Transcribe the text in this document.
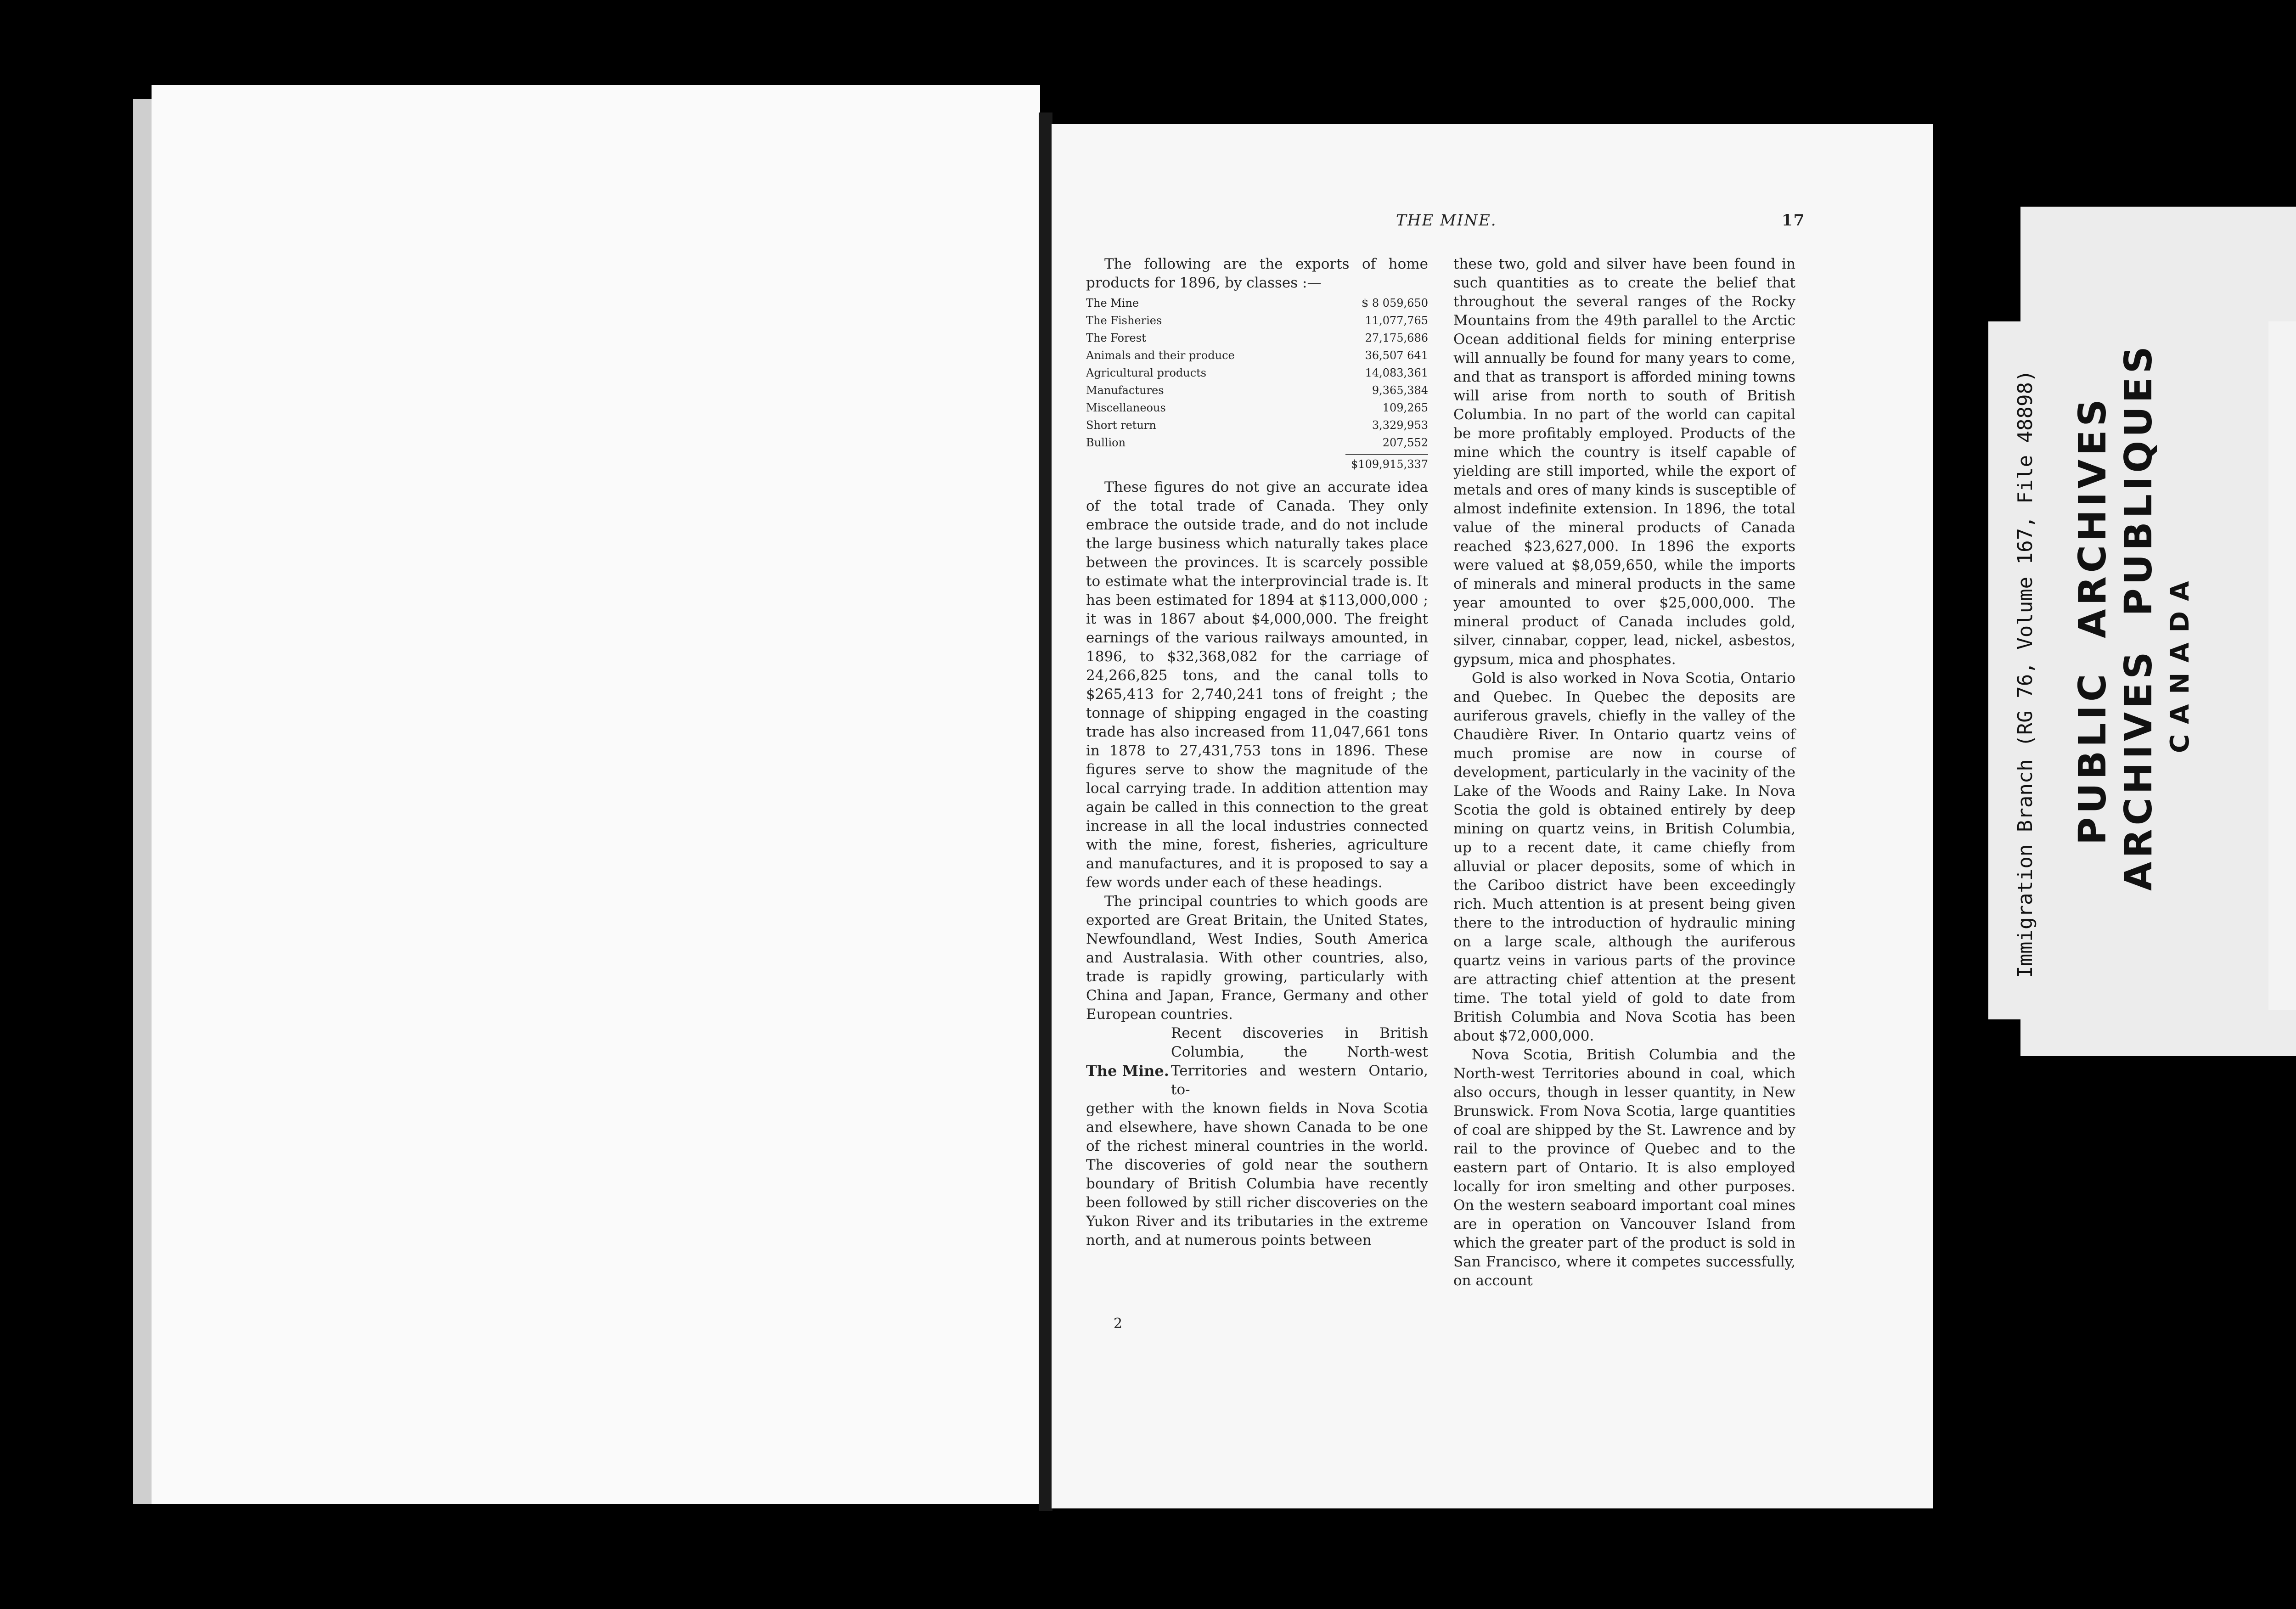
THE MINE.	17

The following are the exports of home products for 1896, by classes :—

The Mine	$ 8 059,650
The Fisheries	11,077,765
The Forest	27,175,686
Animals and their produce	36,507 641
Agricultural products	14,083,361
Manufactures	9,365,384
Miscellaneous	109,265
Short return	3,329,953
Bullion	207,552
$109,915,337

These figures do not give an accurate idea of the total trade of Canada. They only embrace the outside trade, and do not include the large business which naturally takes place between the provinces. It is scarcely possible to estimate what the interprovincial trade is. It has been estimated for 1894 at $113,000,000 ; it was in 1867 about $4,000,000. The freight earnings of the various railways amounted, in 1896, to $32,368,082 for the carriage of 24,266,825 tons, and the canal tolls to $265,413 for 2,740,241 tons of freight ; the tonnage of shipping engaged in the coasting trade has also increased from 11,047,661 tons in 1878 to 27,431,753 tons in 1896. These figures serve to show the magnitude of the local carrying trade. In addition attention may again be called in this connection to the great increase in all the local industries connected with the mine, forest, fisheries, agriculture and manufactures, and it is proposed to say a few words under each of these headings.

The principal countries to which goods are exported are Great Britain, the United States, Newfoundland, West Indies, South America and Australasia. With other countries, also, trade is rapidly growing, particularly with China and Japan, France, Germany and other European countries.

The Mine.
Recent discoveries in British Columbia, the North-west Territories and western Ontario, to-
gether with the known fields in Nova Scotia and elsewhere, have shown Canada to be one of the richest mineral countries in the world. The discoveries of gold near the southern boundary of British Columbia have recently been followed by still richer discoveries on the Yukon River and its tributaries in the extreme north, and at numerous points between
2
these two, gold and silver have been found in such quantities as to create the belief that throughout the several ranges of the Rocky Mountains from the 49th parallel to the Arctic Ocean additional fields for mining enterprise will annually be found for many years to come, and that as transport is afforded mining towns will arise from north to south of British Columbia. In no part of the world can capital be more profitably employed. Products of the mine which the country is itself capable of yielding are still imported, while the export of metals and ores of many kinds is susceptible of almost indefinite extension. In 1896, the total value of the mineral products of Canada reached $23,627,000. In 1896 the exports were valued at $8,059,650, while the imports of minerals and mineral products in the same year amounted to over $25,000,000. The mineral product of Canada includes gold, silver, cinnabar, copper, lead, nickel, asbestos, gypsum, mica and phosphates.

Gold is also worked in Nova Scotia, Ontario and Quebec. In Quebec the deposits are auriferous gravels, chiefly in the valley of the Chaudière River. In Ontario quartz veins of much promise are now in course of development, particularly in the vacinity of the Lake of the Woods and Rainy Lake. In Nova Scotia the gold is obtained entirely by deep mining on quartz veins, in British Columbia, up to a recent date, it came chiefly from alluvial or placer deposits, some of which in the Cariboo district have been exceedingly rich. Much attention is at present being given there to the introduction of hydraulic mining on a large scale, although the auriferous quartz veins in various parts of the province are attracting chief attention at the present time. The total yield of gold to date from British Columbia and Nova Scotia has been about $72,000,000.

Nova Scotia, British Columbia and the North-west Territories abound in coal, which also occurs, though in lesser quantity, in New Brunswick. From Nova Scotia, large quantities of coal are shipped by the St. Lawrence and by rail to the province of Quebec and to the eastern part of Ontario. It is also employed locally for iron smelting and other purposes. On the western seaboard important coal mines are in operation on Vancouver Island from which the greater part of the product is sold in San Francisco, where it competes successfully, on account

Immigration Branch (RG 76, Volume 167, File 48898) PUBLICARCHIVES
ARCHIVESPUBLIQUES
CANADA
